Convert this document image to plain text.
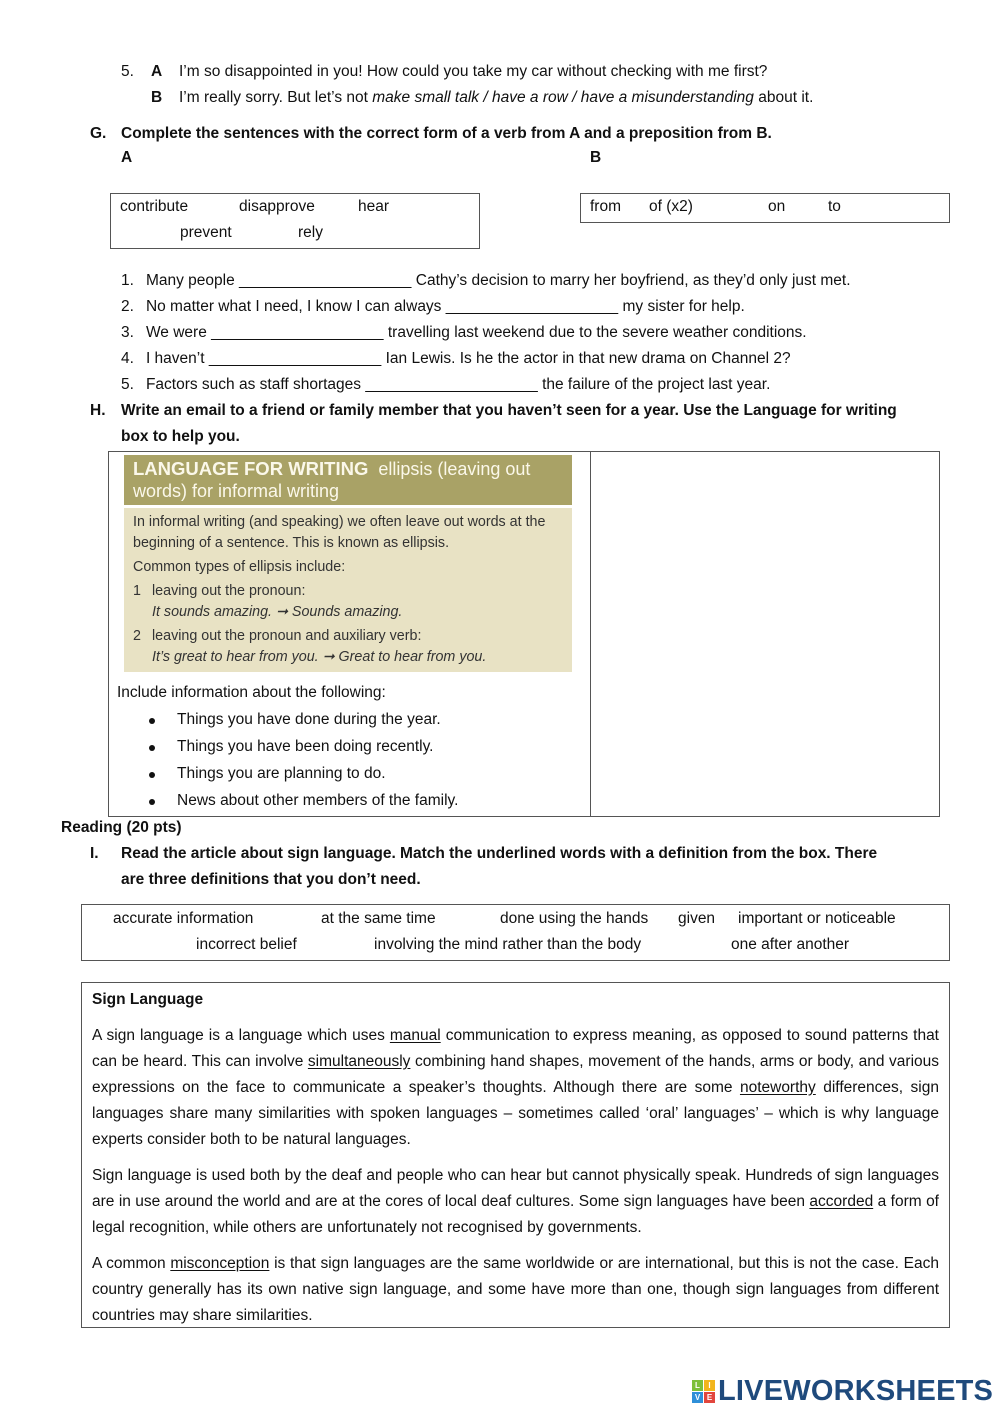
5. A I’m so disappointed in you! How could you take my car without checking with me first?
B I’m really sorry. But let’s not make small talk / have a row / have a misunderstanding about it.
G. Complete the sentences with the correct form of a verb from A and a preposition from B.
A	B
contribute	disapprove	hear
prevent	rely
from of (x2)	on	to
1. Many people ____________________ Cathy’s decision to marry her boyfriend, as they’d only just met.
2. No matter what I need, I know I can always ____________________ my sister for help.
3. We were ____________________ travelling last weekend due to the severe weather conditions.
4. I haven’t ____________________ Ian Lewis. Is he the actor in that new drama on Channel 2?
5. Factors such as staff shortages ____________________ the failure of the project last year.
H. Write an email to a friend or family member that you haven’t seen for a year. Use the Language for writing
box to help you.
LANGUAGE FOR WRITING ellipsis (leaving out words) for informal writing

In informal writing (and speaking) we often leave out words at the beginning of a sentence. This is known as ellipsis.

Common types of ellipsis include:

1 leaving out the pronoun:
It sounds amazing. ➞ Sounds amazing.
2 leaving out the pronoun and auxiliary verb:
It’s great to hear from you. ➞ Great to hear from you.
Include information about the following:
Things you have done during the year.
Things you have been doing recently.
Things you are planning to do.
News about other members of the family.
Reading (20 pts)
I. Read the article about sign language. Match the underlined words with a definition from the box. There
are three definitions that you don’t need.
accurate information	at the same time	done using the hands given important or noticeable
incorrect belief	involving the mind rather than the body	one after another

Sign Language

A sign language is a language which uses manual communication to express meaning, as opposed to sound patterns that can be heard. This can involve simultaneously combining hand shapes, movement of the hands, arms or body, and various expressions on the face to communicate a speaker’s thoughts. Although there are some noteworthy differences, sign languages share many similarities with spoken languages – sometimes called ‘oral’ languages’ – which is why language experts consider both to be natural languages.

Sign language is used both by the deaf and people who can hear but cannot physically speak. Hundreds of sign languages are in use around the world and are at the cores of local deaf cultures. Some sign languages have been accorded a form of legal recognition, while others are unfortunately not recognised by governments.

A common misconception is that sign languages are the same worldwide or are international, but this is not the case. Each country generally has its own native sign language, and some have more than one, though sign languages from different countries may share similarities.

L	I
V E LIVEWORKSHEETS
